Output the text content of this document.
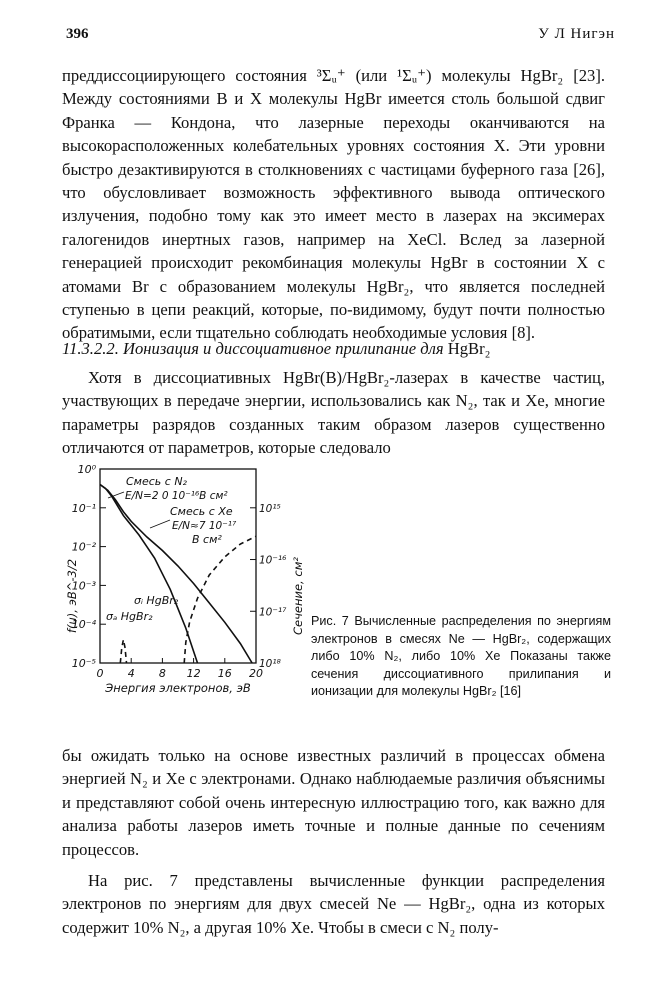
396	У Л Нигэн

преддиссоциирующего состояния ³Σᵤ⁺ (или ¹Σᵤ⁺) молекулы HgBr₂ [23]. Между состояниями B и X молекулы HgBr имеется столь большой сдвиг Франка — Кондона, что лазерные переходы оканчиваются на высокорасположенных колебательных уровнях состояния X. Эти уровни быстро дезактивируются в столкновениях с частицами буферного газа [26], что обусловливает возможность эффективного вывода оптического излучения, подобно тому как это имеет место в лазерах на эксимерах галогенидов инертных газов, например на XeCl. Вслед за лазерной генерацией происходит рекомбинация молекулы HgBr в состоянии X с атомами Br с образованием молекулы HgBr₂, что является последней ступенью в цепи реакций, которые, по-видимому, будут почти полностью обратимыми, если тщательно соблюдать необходимые условия [8].

11.3.2.2. Ионизация и диссоциативное прилипание для HgBr₂

Хотя в диссоциативных HgBr(B)/HgBr₂-лазерах в качестве частиц, участвующих в передаче энергии, использовались как N₂, так и Xe, многие параметры разрядов созданных таким образом лазеров существенно отличаются от параметров, которые следовало

10⁰
10⁻¹
10⁻²
10⁻³
10⁻⁴
10⁻⁵
10¹⁵
10⁻¹⁶
10⁻¹⁷
10¹⁸
0 4 8 12 16 20
Энергия электронов, эВ
f(u), эВ^-3/2	Сечение, см²
Смесь с N₂
E/N=2 0 10⁻¹⁶В см²
Смесь с Xe
E/N≈7 10⁻¹⁷
В см²
σᵢ HgBr₂
σₐ HgBr₂	Рис. 7 Вычисленные распределения по энергиям электронов в смесях Ne — HgBr₂, содержащих либо 10% N₂, либо 10% Xe Показаны также сечения диссоциативного прилипания и ионизации для молекулы HgBr₂ [16]

бы ожидать только на основе известных различий в процессах обмена энергией N₂ и Xe с электронами. Однако наблюдаемые различия объяснимы и представляют собой очень интересную иллюстрацию того, как важно для анализа работы лазеров иметь точные и полные данные по сечениям процессов.

На рис. 7 представлены вычисленные функции распределения электронов по энергиям для двух смесей Ne — HgBr₂, одна из которых содержит 10% N₂, а другая 10% Xe. Чтобы в смеси с N₂ полу-
